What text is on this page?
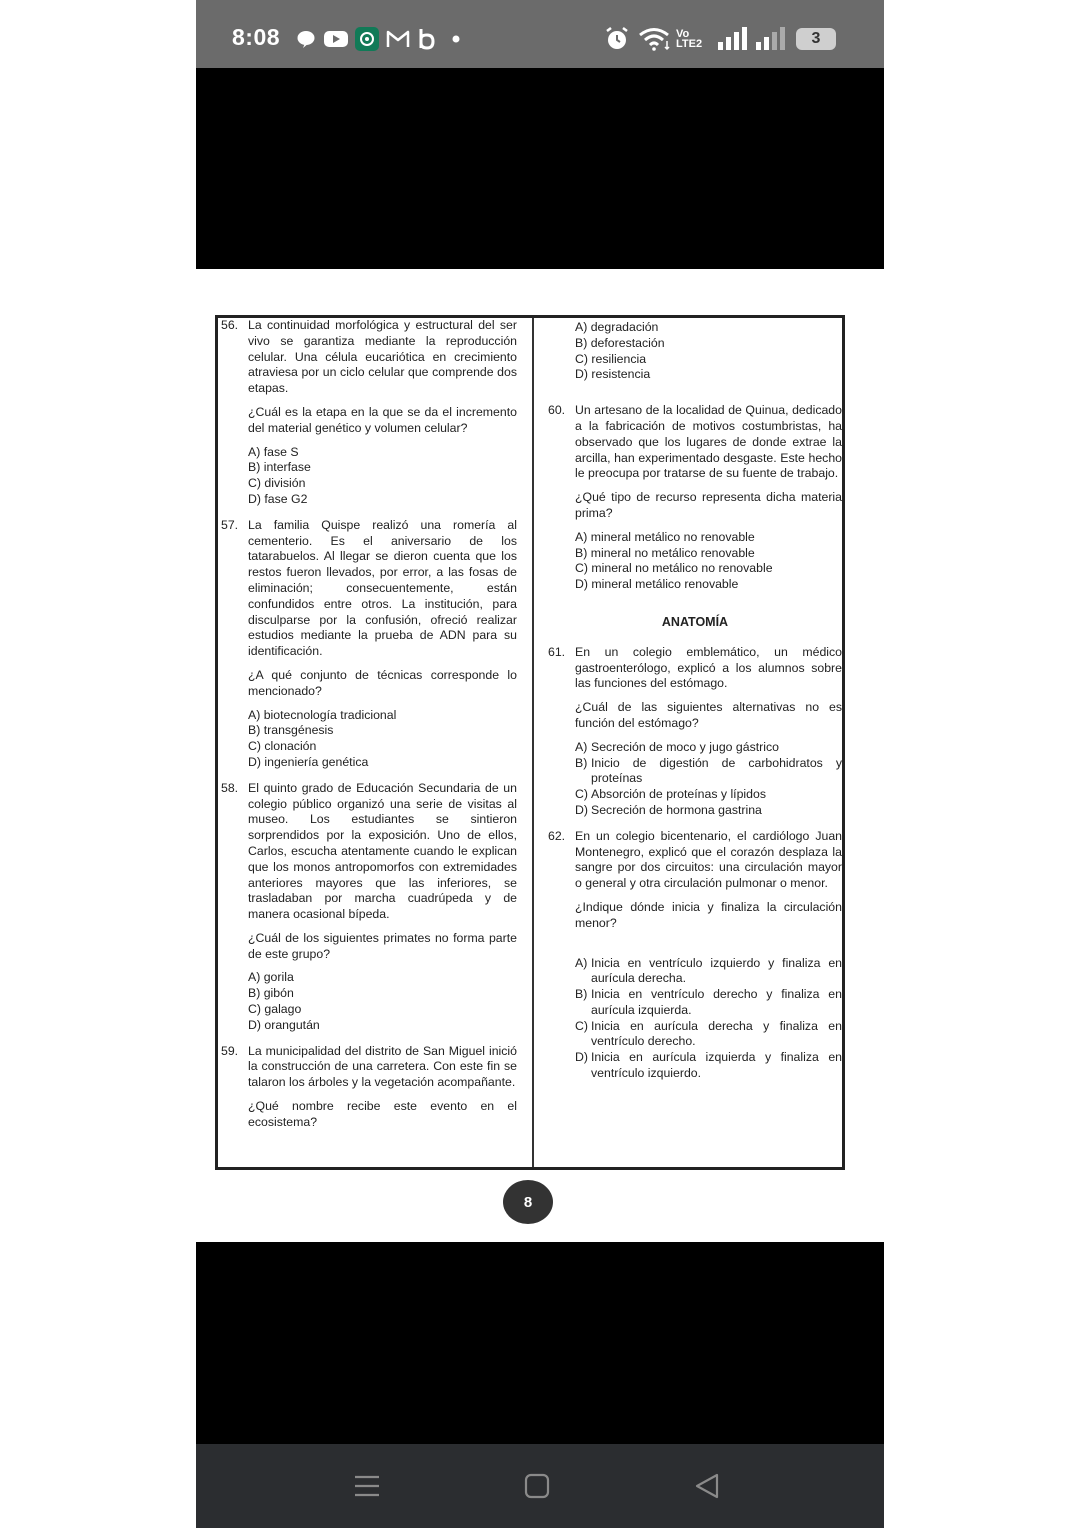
8:08	Vo LTE2	3
56. La continuidad morfológica y estructural del ser vivo se garantiza mediante la reproducción celular. Una célula eucariótica en crecimiento atraviesa por un ciclo celular que comprende dos etapas.
¿Cuál es la etapa en la que se da el incremento del material genético y volumen celular?
A) fase S
B) interfase
C) división
D) fase G2
57. La familia Quispe realizó una romería al cementerio. Es el aniversario de los tatarabuelos. Al llegar se dieron cuenta que los restos fueron llevados, por error, a las fosas de eliminación; consecuentemente, están confundidos entre otros. La institución, para disculparse por la confusión, ofreció realizar estudios mediante la prueba de ADN para su identificación.
¿A qué conjunto de técnicas corresponde lo mencionado?
A) biotecnología tradicional
B) transgénesis
C) clonación
D) ingeniería genética
58. El quinto grado de Educación Secundaria de un colegio público organizó una serie de visitas al museo. Los estudiantes se sintieron sorprendidos por la exposición. Uno de ellos, Carlos, escucha atentamente cuando le explican que los monos antropomorfos con extremidades anteriores mayores que las inferiores, se trasladaban por marcha cuadrúpeda y de manera ocasional bípeda.
¿Cuál de los siguientes primates no forma parte de este grupo?
A) gorila
B) gibón
C) galago
D) orangután
59. La municipalidad del distrito de San Miguel inició la construcción de una carretera. Con este fin se talaron los árboles y la vegetación acompañante.
¿Qué nombre recibe este evento en el ecosistema?
A) degradación
B) deforestación
C) resiliencia
D) resistencia
60. Un artesano de la localidad de Quinua, dedicado a la fabricación de motivos costumbristas, ha observado que los lugares de donde extrae la arcilla, han experimentado desgaste. Este hecho le preocupa por tratarse de su fuente de trabajo.
¿Qué tipo de recurso representa dicha materia prima?
A) mineral metálico no renovable
B) mineral no metálico renovable
C) mineral no metálico no renovable
D) mineral metálico renovable
ANATOMÍA
61. En un colegio emblemático, un médico gastroenterólogo, explicó a los alumnos sobre las funciones del estómago.
¿Cuál de las siguientes alternativas no es función del estómago?
A) Secreción de moco y jugo gástrico
B) Inicio de digestión de carbohidratos y proteínas
C) Absorción de proteínas y lípidos
D) Secreción de hormona gastrina
62. En un colegio bicentenario, el cardiólogo Juan Montenegro, explicó que el corazón desplaza la sangre por dos circuitos: una circulación mayor o general y otra circulación pulmonar o menor.
¿Indique dónde inicia y finaliza la circulación menor?
A) Inicia en ventrículo izquierdo y finaliza en aurícula derecha.
B) Inicia en ventrículo derecho y finaliza en aurícula izquierda.
C) Inicia en aurícula derecha y finaliza en ventrículo derecho.
D) Inicia en aurícula izquierda y finaliza en ventrículo izquierdo.
8
